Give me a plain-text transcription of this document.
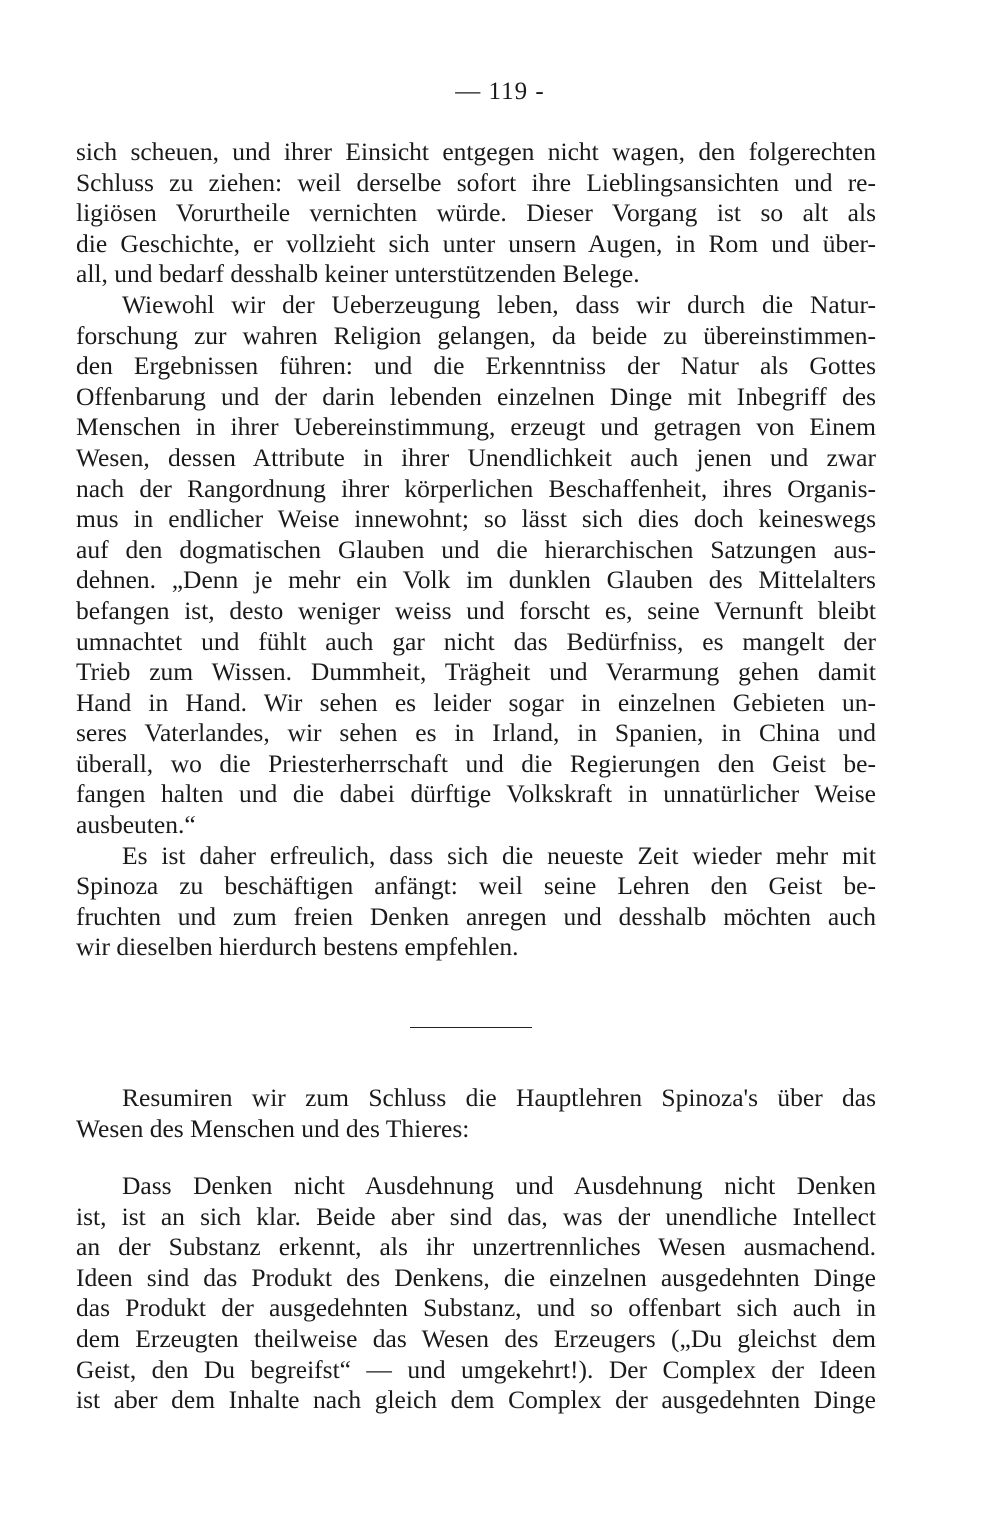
— 119 -
sich scheuen, und ihrer Einsicht entgegen nicht wagen, den folgerechten
Schluss zu ziehen: weil derselbe sofort ihre Lieblingsansichten und re-
ligiösen Vorurtheile vernichten würde. Dieser Vorgang ist so alt als
die Geschichte, er vollzieht sich unter unsern Augen, in Rom und über-
all, und bedarf desshalb keiner unterstützenden Belege.
Wiewohl wir der Ueberzeugung leben, dass wir durch die Natur-
forschung zur wahren Religion gelangen, da beide zu übereinstimmen-
den Ergebnissen führen: und die Erkenntniss der Natur als Gottes
Offenbarung und der darin lebenden einzelnen Dinge mit Inbegriff des
Menschen in ihrer Uebereinstimmung, erzeugt und getragen von Einem
Wesen, dessen Attribute in ihrer Unendlichkeit auch jenen und zwar
nach der Rangordnung ihrer körperlichen Beschaffenheit, ihres Organis-
mus in endlicher Weise innewohnt; so lässt sich dies doch keineswegs
auf den dogmatischen Glauben und die hierarchischen Satzungen aus-
dehnen. „Denn je mehr ein Volk im dunklen Glauben des Mittelalters
befangen ist, desto weniger weiss und forscht es, seine Vernunft bleibt
umnachtet und fühlt auch gar nicht das Bedürfniss, es mangelt der
Trieb zum Wissen. Dummheit, Trägheit und Verarmung gehen damit
Hand in Hand. Wir sehen es leider sogar in einzelnen Gebieten un-
seres Vaterlandes, wir sehen es in Irland, in Spanien, in China und
überall, wo die Priesterherrschaft und die Regierungen den Geist be-
fangen halten und die dabei dürftige Volkskraft in unnatürlicher Weise
ausbeuten.“
Es ist daher erfreulich, dass sich die neueste Zeit wieder mehr mit
Spinoza zu beschäftigen anfängt: weil seine Lehren den Geist be-
fruchten und zum freien Denken anregen und desshalb möchten auch
wir dieselben hierdurch bestens empfehlen.
Resumiren wir zum Schluss die Hauptlehren Spinoza's über das
Wesen des Menschen und des Thieres:
Dass Denken nicht Ausdehnung und Ausdehnung nicht Denken
ist, ist an sich klar. Beide aber sind das, was der unendliche Intellect
an der Substanz erkennt, als ihr unzertrennliches Wesen ausmachend.
Ideen sind das Produkt des Denkens, die einzelnen ausgedehnten Dinge
das Produkt der ausgedehnten Substanz, und so offenbart sich auch in
dem Erzeugten theilweise das Wesen des Erzeugers („Du gleichst dem
Geist, den Du begreifst“ — und umgekehrt!). Der Complex der Ideen
ist aber dem Inhalte nach gleich dem Complex der ausgedehnten Dinge
